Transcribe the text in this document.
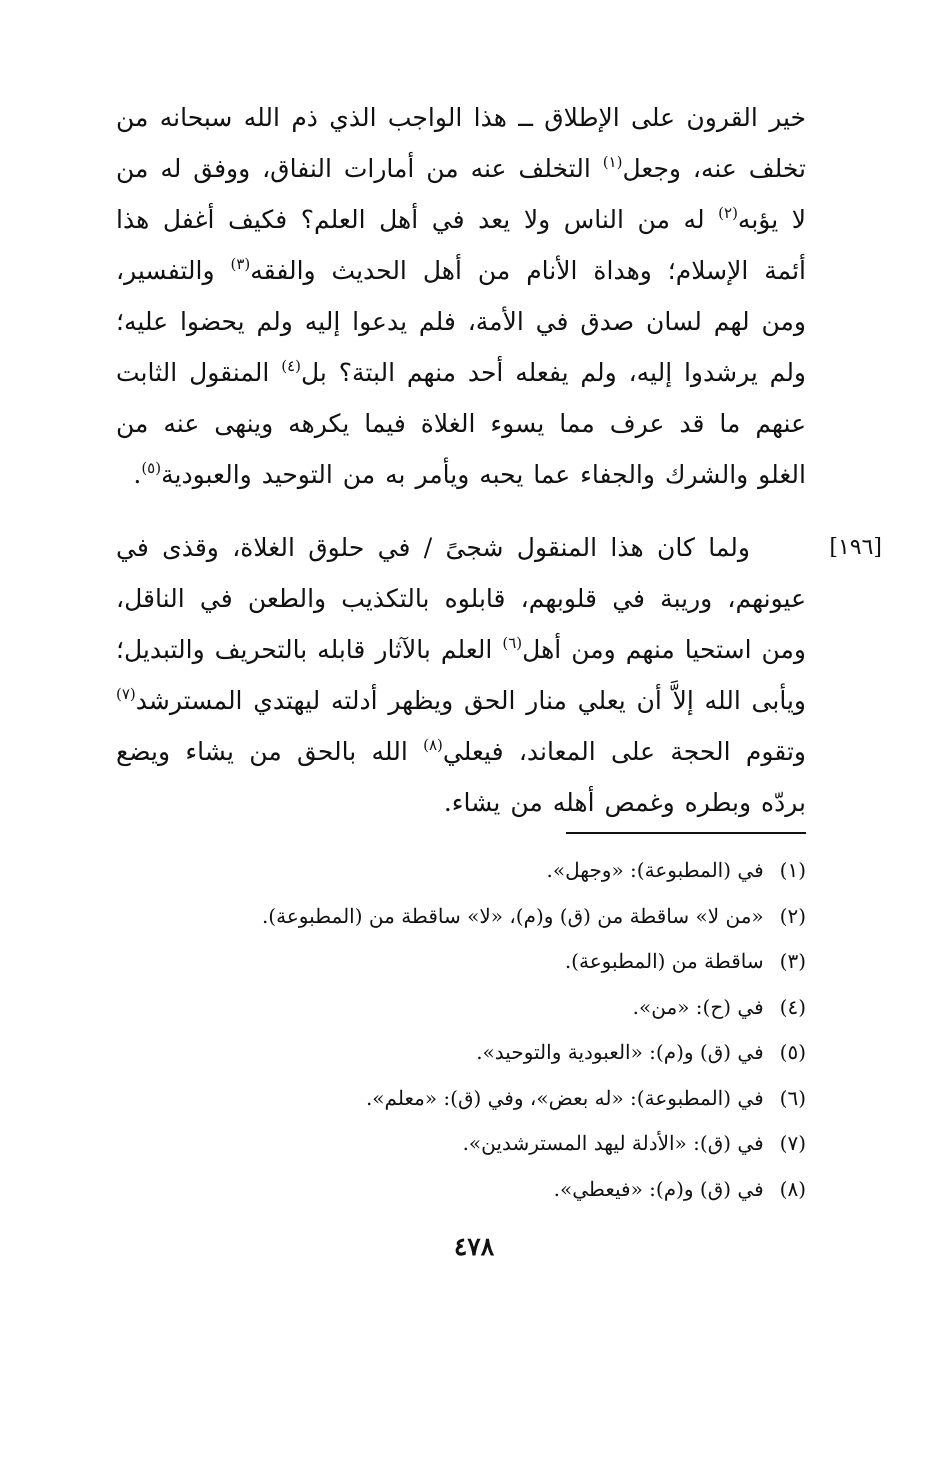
خير القرون على الإطلاق ــ هذا الواجب الذي ذم الله سبحانه من تخلف عنه، وجعل$^{(١)}$ التخلف عنه من أمارات النفاق، ووفق له من لا يؤبه$^{(٢)}$ له من الناس ولا يعد في أهل العلم؟ فكيف أغفل هذا أئمة الإسلام؛ وهداة الأنام من أهل الحديث والفقه$^{(٣)}$ والتفسير، ومن لهم لسان صدق في الأمة، فلم يدعوا إليه ولم يحضوا عليه؛ ولم يرشدوا إليه، ولم يفعله أحد منهم البتة؟ بل$^{(٤)}$ المنقول الثابت عنهم ما قد عرف مما يسوء الغلاة فيما يكرهه وينهى عنه من الغلو والشرك والجفاء عما يحبه ويأمر به من التوحيد والعبودية$^{(٥)}$.
[١٩٦]
ولما كان هذا المنقول شجىً / في حلوق الغلاة، وقذى في عيونهم، وريبة في قلوبهم، قابلوه بالتكذيب والطعن في الناقل، ومن استحيا منهم ومن أهل$^{(٦)}$ العلم بالآثار قابله بالتحريف والتبديل؛ ويأبى الله إلاَّ أن يعلي منار الحق ويظهر أدلته ليهتدي المسترشد$^{(٧)}$ وتقوم الحجة على المعاند، فيعلي$^{(٨)}$ الله بالحق من يشاء ويضع بردّه وبطره وغمص أهله من يشاء.
(١) في (المطبوعة): «وجهل».
(٢) «من لا» ساقطة من (ق) و(م)، «لا» ساقطة من (المطبوعة).
(٣) ساقطة من (المطبوعة).
(٤) في (ح): «من».
(٥) في (ق) و(م): «العبودية والتوحيد».
(٦) في (المطبوعة): «له بعض»، وفي (ق): «معلم».
(٧) في (ق): «الأدلة ليهد المسترشدين».
(٨) في (ق) و(م): «فيعطي».
٤٧٨
